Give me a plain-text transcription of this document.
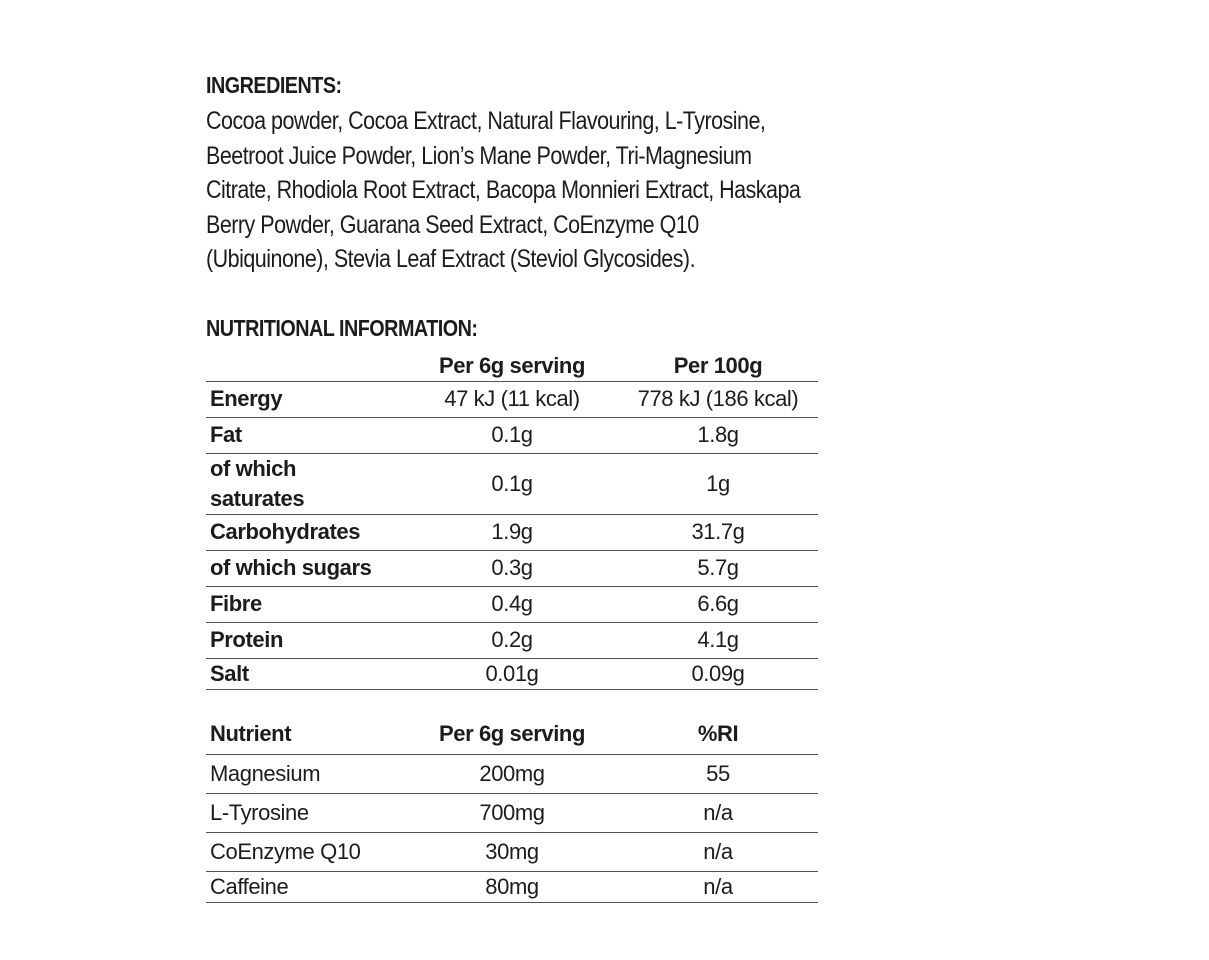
INGREDIENTS:
Cocoa powder, Cocoa Extract, Natural Flavouring, L-Tyrosine, Beetroot Juice Powder, Lion’s Mane Powder, Tri-Magnesium Citrate, Rhodiola Root Extract, Bacopa Monnieri Extract, Haskapa Berry Powder, Guarana Seed Extract, CoEnzyme Q10 (Ubiquinone), Stevia Leaf Extract (Steviol Glycosides).
NUTRITIONAL INFORMATION:
	Per 6g serving	Per 100g
Energy	47 kJ (11 kcal)	778 kJ (186 kcal)
Fat	0.1g	1.8g

of which
saturates	0.1g	1g
Carbohydrates	1.9g	31.7g
of which sugars	0.3g	5.7g
Fibre	0.4g	6.6g
Protein	0.2g	4.1g
Salt	0.01g	0.09g
Nutrient	Per 6g serving	%RI
Magnesium	200mg	55
L-Tyrosine	700mg	n/a
CoEnzyme Q10	30mg	n/a
Caffeine	80mg	n/a
